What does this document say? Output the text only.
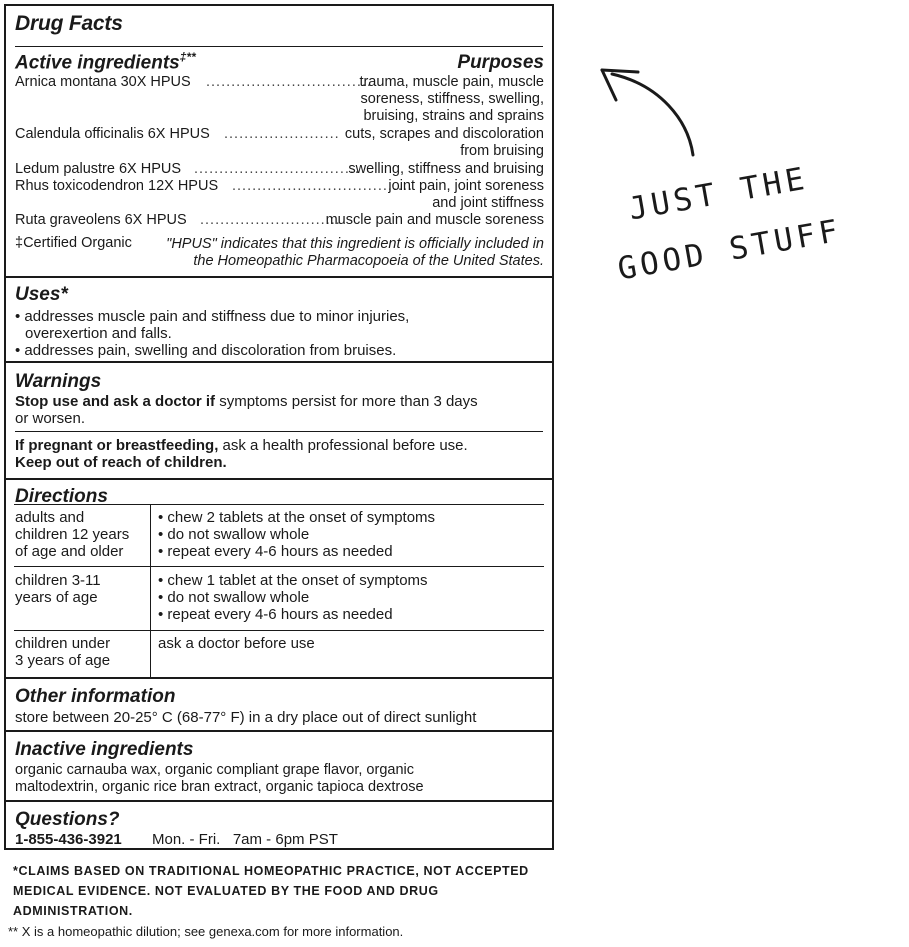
Drug Facts
Active ingredients‡**	Purposes
Arnica montana 30X HPUS .................................
trauma, muscle pain, muscle
soreness, stiffness, swelling,
bruising, strains and sprains
Calendula officinalis 6X HPUS ....................... cuts, scrapes and discoloration
from bruising
Ledum palustre 6X HPUS .................................
swelling, stiffness and bruising
Rhus toxicodendron 12X HPUS ....................................
joint pain, joint soreness
and joint stiffness
Ruta graveolens 6X HPUS ............................
muscle pain and muscle soreness
‡Certified Organic "HPUS" indicates that this ingredient is officially included in
the Homeopathic Pharmacopoeia of the United States.
Uses*
• addresses muscle pain and stiffness due to minor injuries,
overexertion and falls.
• addresses pain, swelling and discoloration from bruises.
Warnings
Stop use and ask a doctor if symptoms persist for more than 3 days
or worsen.
If pregnant or breastfeeding, ask a health professional before use.
Keep out of reach of children.
Directions
adults and
children 12 years
of age and older
• chew 2 tablets at the onset of symptoms
• do not swallow whole
• repeat every 4-6 hours as needed
children 3-11
years of age
• chew 1 tablet at the onset of symptoms
• do not swallow whole
• repeat every 4-6 hours as needed
children under
3 years of age
ask a doctor before use
Other information
store between 20-25° C (68-77° F) in a dry place out of direct sunlight
Inactive ingredients
organic carnauba wax, organic compliant grape flavor, organic
maltodextrin, organic rice bran extract, organic tapioca dextrose
Questions?
1-855-436-3921 Mon. - Fri.   7am - 6pm PST
*CLAIMS BASED ON TRADITIONAL HOMEOPATHIC PRACTICE, NOT ACCEPTED
MEDICAL EVIDENCE. NOT EVALUATED BY THE FOOD AND DRUG
ADMINISTRATION.
** X is a homeopathic dilution; see genexa.com for more information.
JUST THE
GOOD STUFF
